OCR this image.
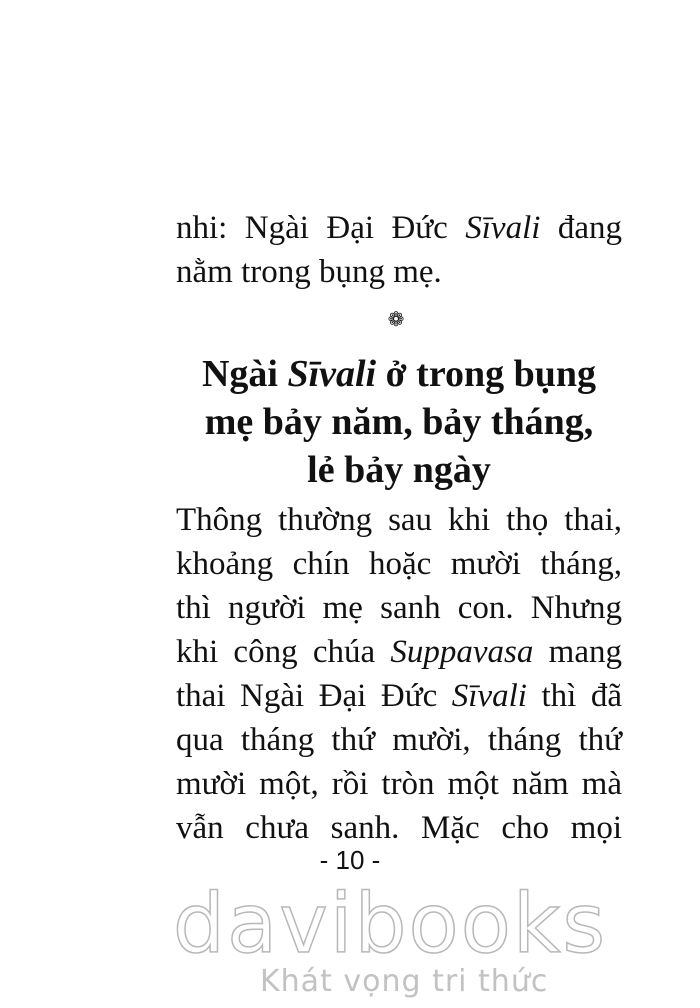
nhi: Ngài Đại Đức Sīvali đang
nằm trong bụng mẹ.
❁
Ngài Sīvali ở trong bụng
mẹ bảy năm, bảy tháng,
lẻ bảy ngày
Thông thường sau khi thọ thai,
khoảng chín hoặc mười tháng,
thì người mẹ sanh con. Nhưng
khi công chúa Suppavasa mang
thai Ngài Đại Đức Sīvali thì đã
qua tháng thứ mười, tháng thứ
mười một, rồi tròn một năm mà
vẫn chưa sanh. Mặc cho mọi
- 10 -
davibooks
Khát vọng tri thức
